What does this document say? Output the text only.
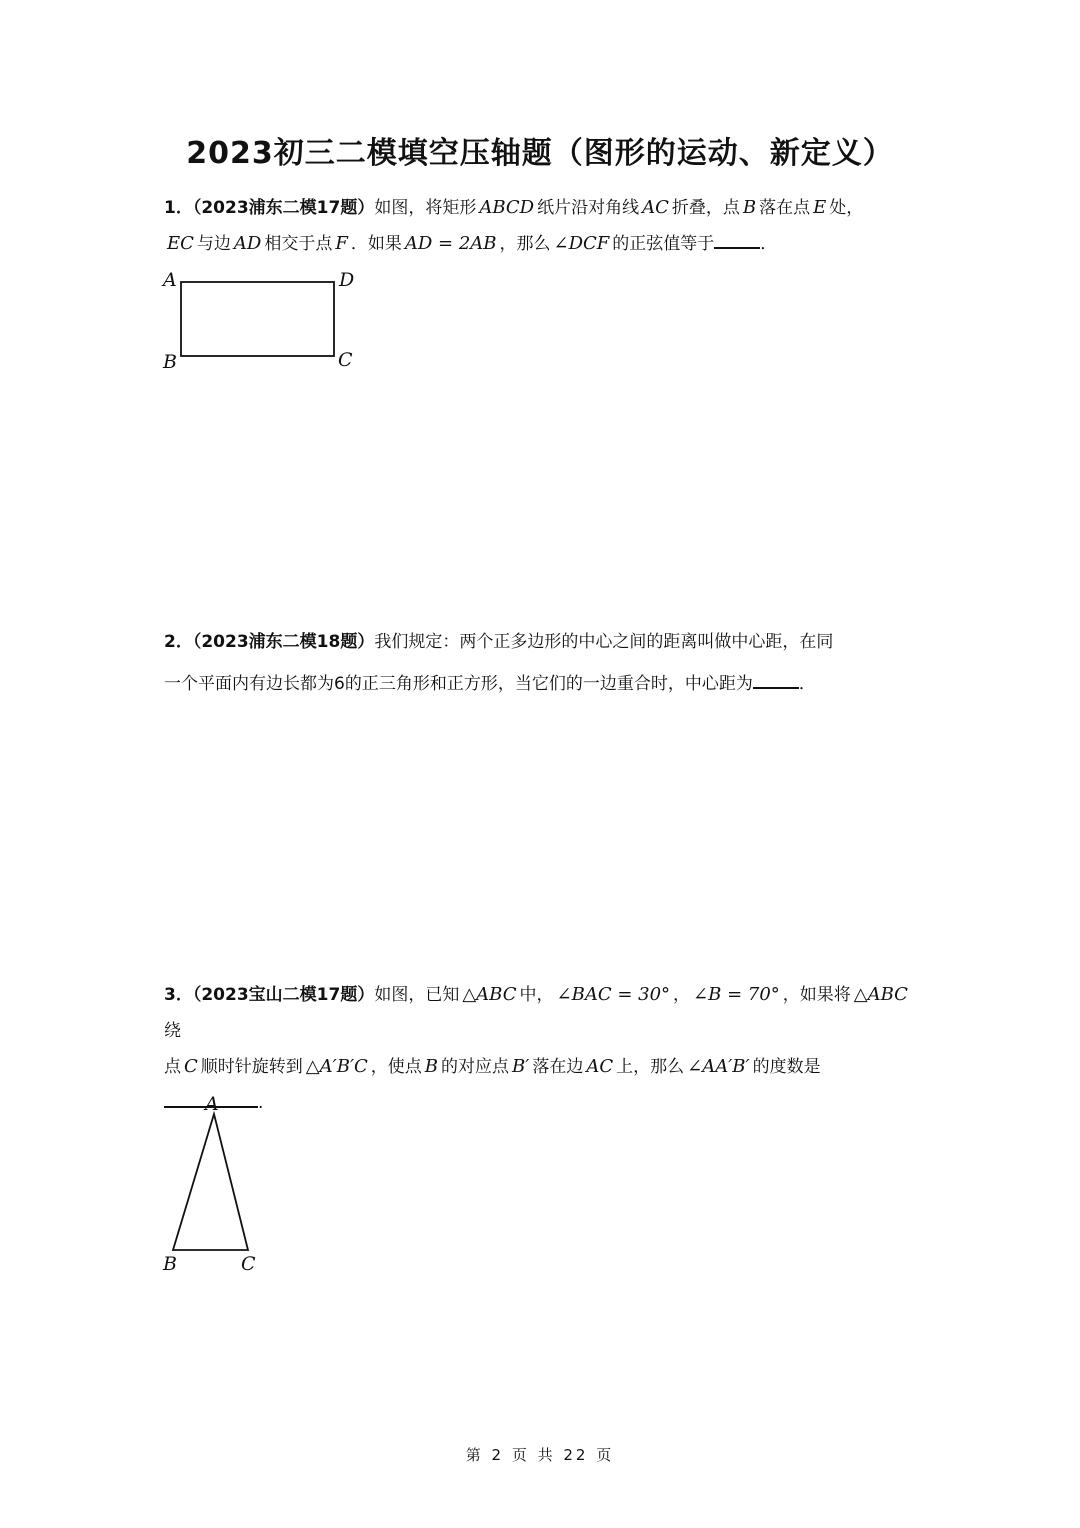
2023初三二模填空压轴题（图形的运动、新定义）
1．（2023浦东二模17题）如图，将矩形 ABCD 纸片沿对角线 AC 折叠，点 B 落在点 E 处，
EC 与边 AD 相交于点 F ．如果 AD = 2AB ，那么 ∠DCF 的正弦值等于	．
A	D
B	C
2．（2023浦东二模18题）我们规定：两个正多边形的中心之间的距离叫做中心距，在同
一个平面内有边长都为6的正三角形和正方形，当它们的一边重合时，中心距为	．
3．（2023宝山二模17题）如图，已知 △ABC 中， ∠BAC = 30° ， ∠B = 70° ，如果将 △ABC绕
点 C 顺时针旋转到 △A′B′C ，使点 B 的对应点 B′ 落在边 AC 上，那么 ∠AA′B′ 的度数是
.
A
B	C
第 2 页 共 22 页
